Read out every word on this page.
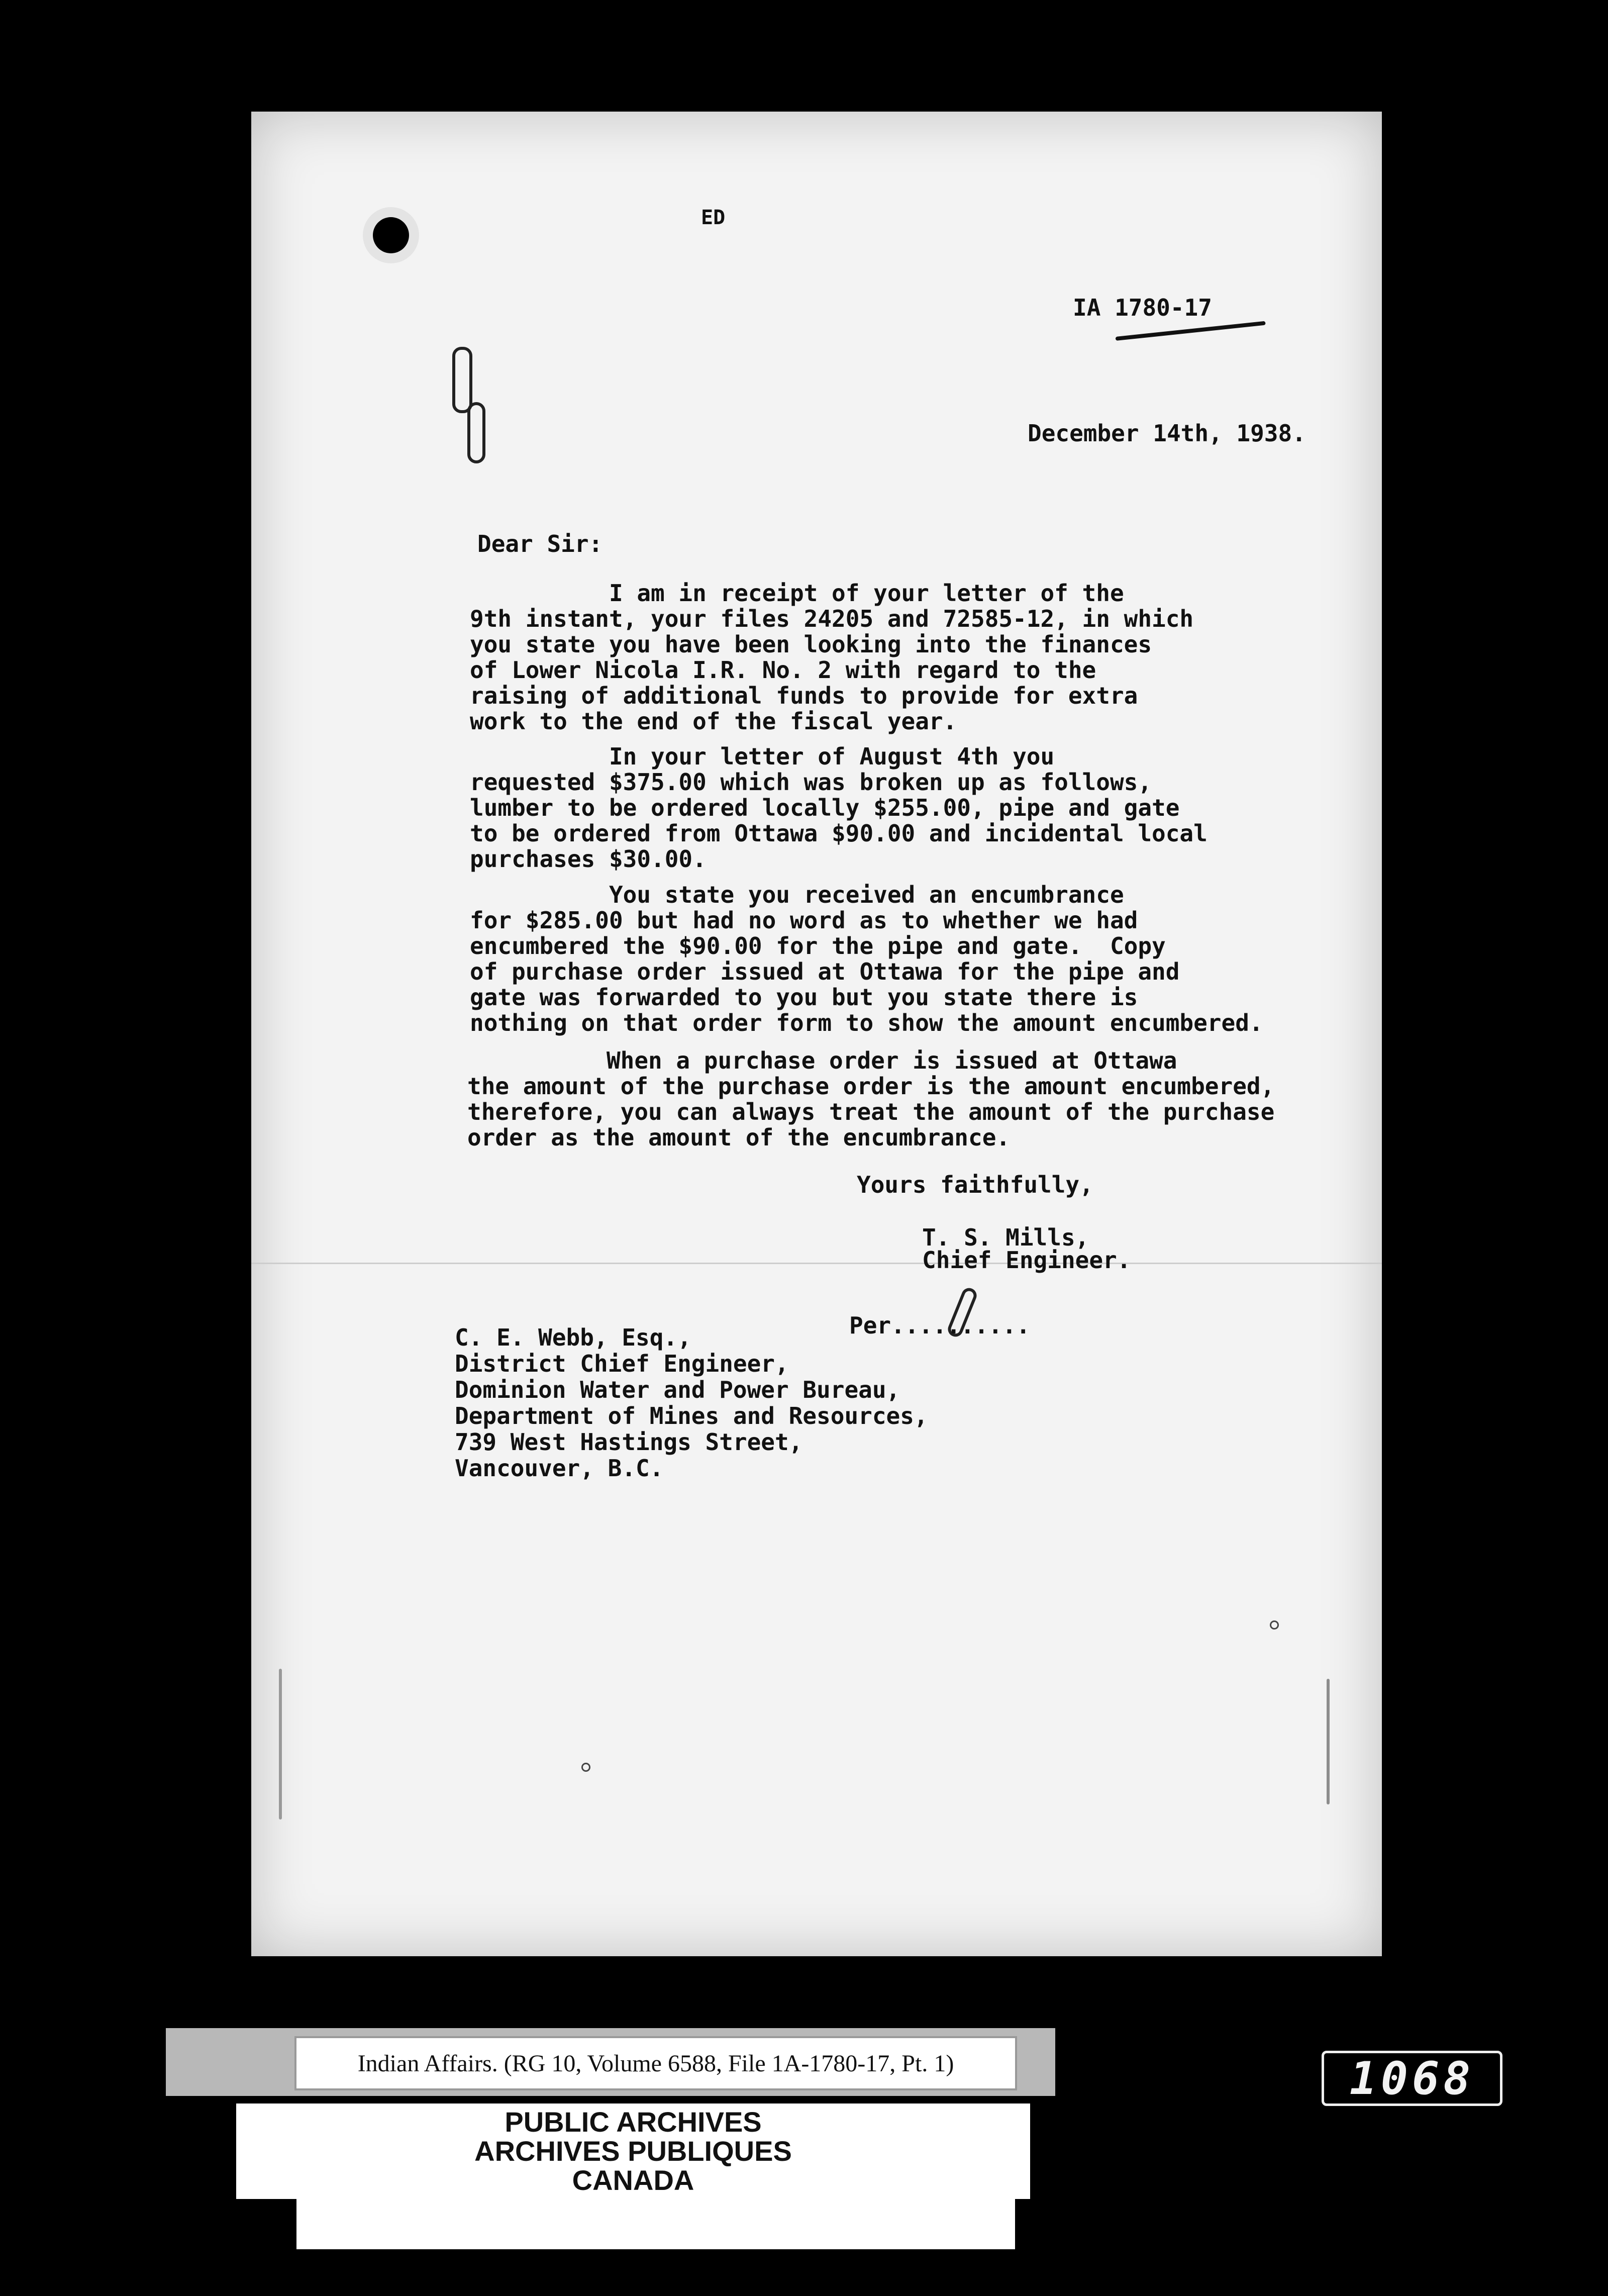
ED
IA 1780-17
December 14th, 1938.
Dear Sir:
I am in receipt of your letter of the
9th instant, your files 24205 and 72585-12, in which
you state you have been looking into the finances
of Lower Nicola I.R. No. 2 with regard to the
raising of additional funds to provide for extra
work to the end of the fiscal year.
In your letter of August 4th you
requested $375.00 which was broken up as follows,
lumber to be ordered locally $255.00, pipe and gate
to be ordered from Ottawa $90.00 and incidental local
purchases $30.00.
You state you received an encumbrance
for $285.00 but had no word as to whether we had
encumbered the $90.00 for the pipe and gate.  Copy
of purchase order issued at Ottawa for the pipe and
gate was forwarded to you but you state there is
nothing on that order form to show the amount encumbered.
When a purchase order is issued at Ottawa
the amount of the purchase order is the amount encumbered,
therefore, you can always treat the amount of the purchase
order as the amount of the encumbrance.
Yours faithfully,
T. S. Mills,
Chief Engineer.
Per..........
C. E. Webb, Esq.,
District Chief Engineer,
Dominion Water and Power Bureau,
Department of Mines and Resources,
739 West Hastings Street,
Vancouver, B.C.
Indian Affairs. (RG 10, Volume 6588, File 1A-1780-17, Pt. 1)
PUBLIC ARCHIVES
ARCHIVES PUBLIQUES
CANADA
1068
